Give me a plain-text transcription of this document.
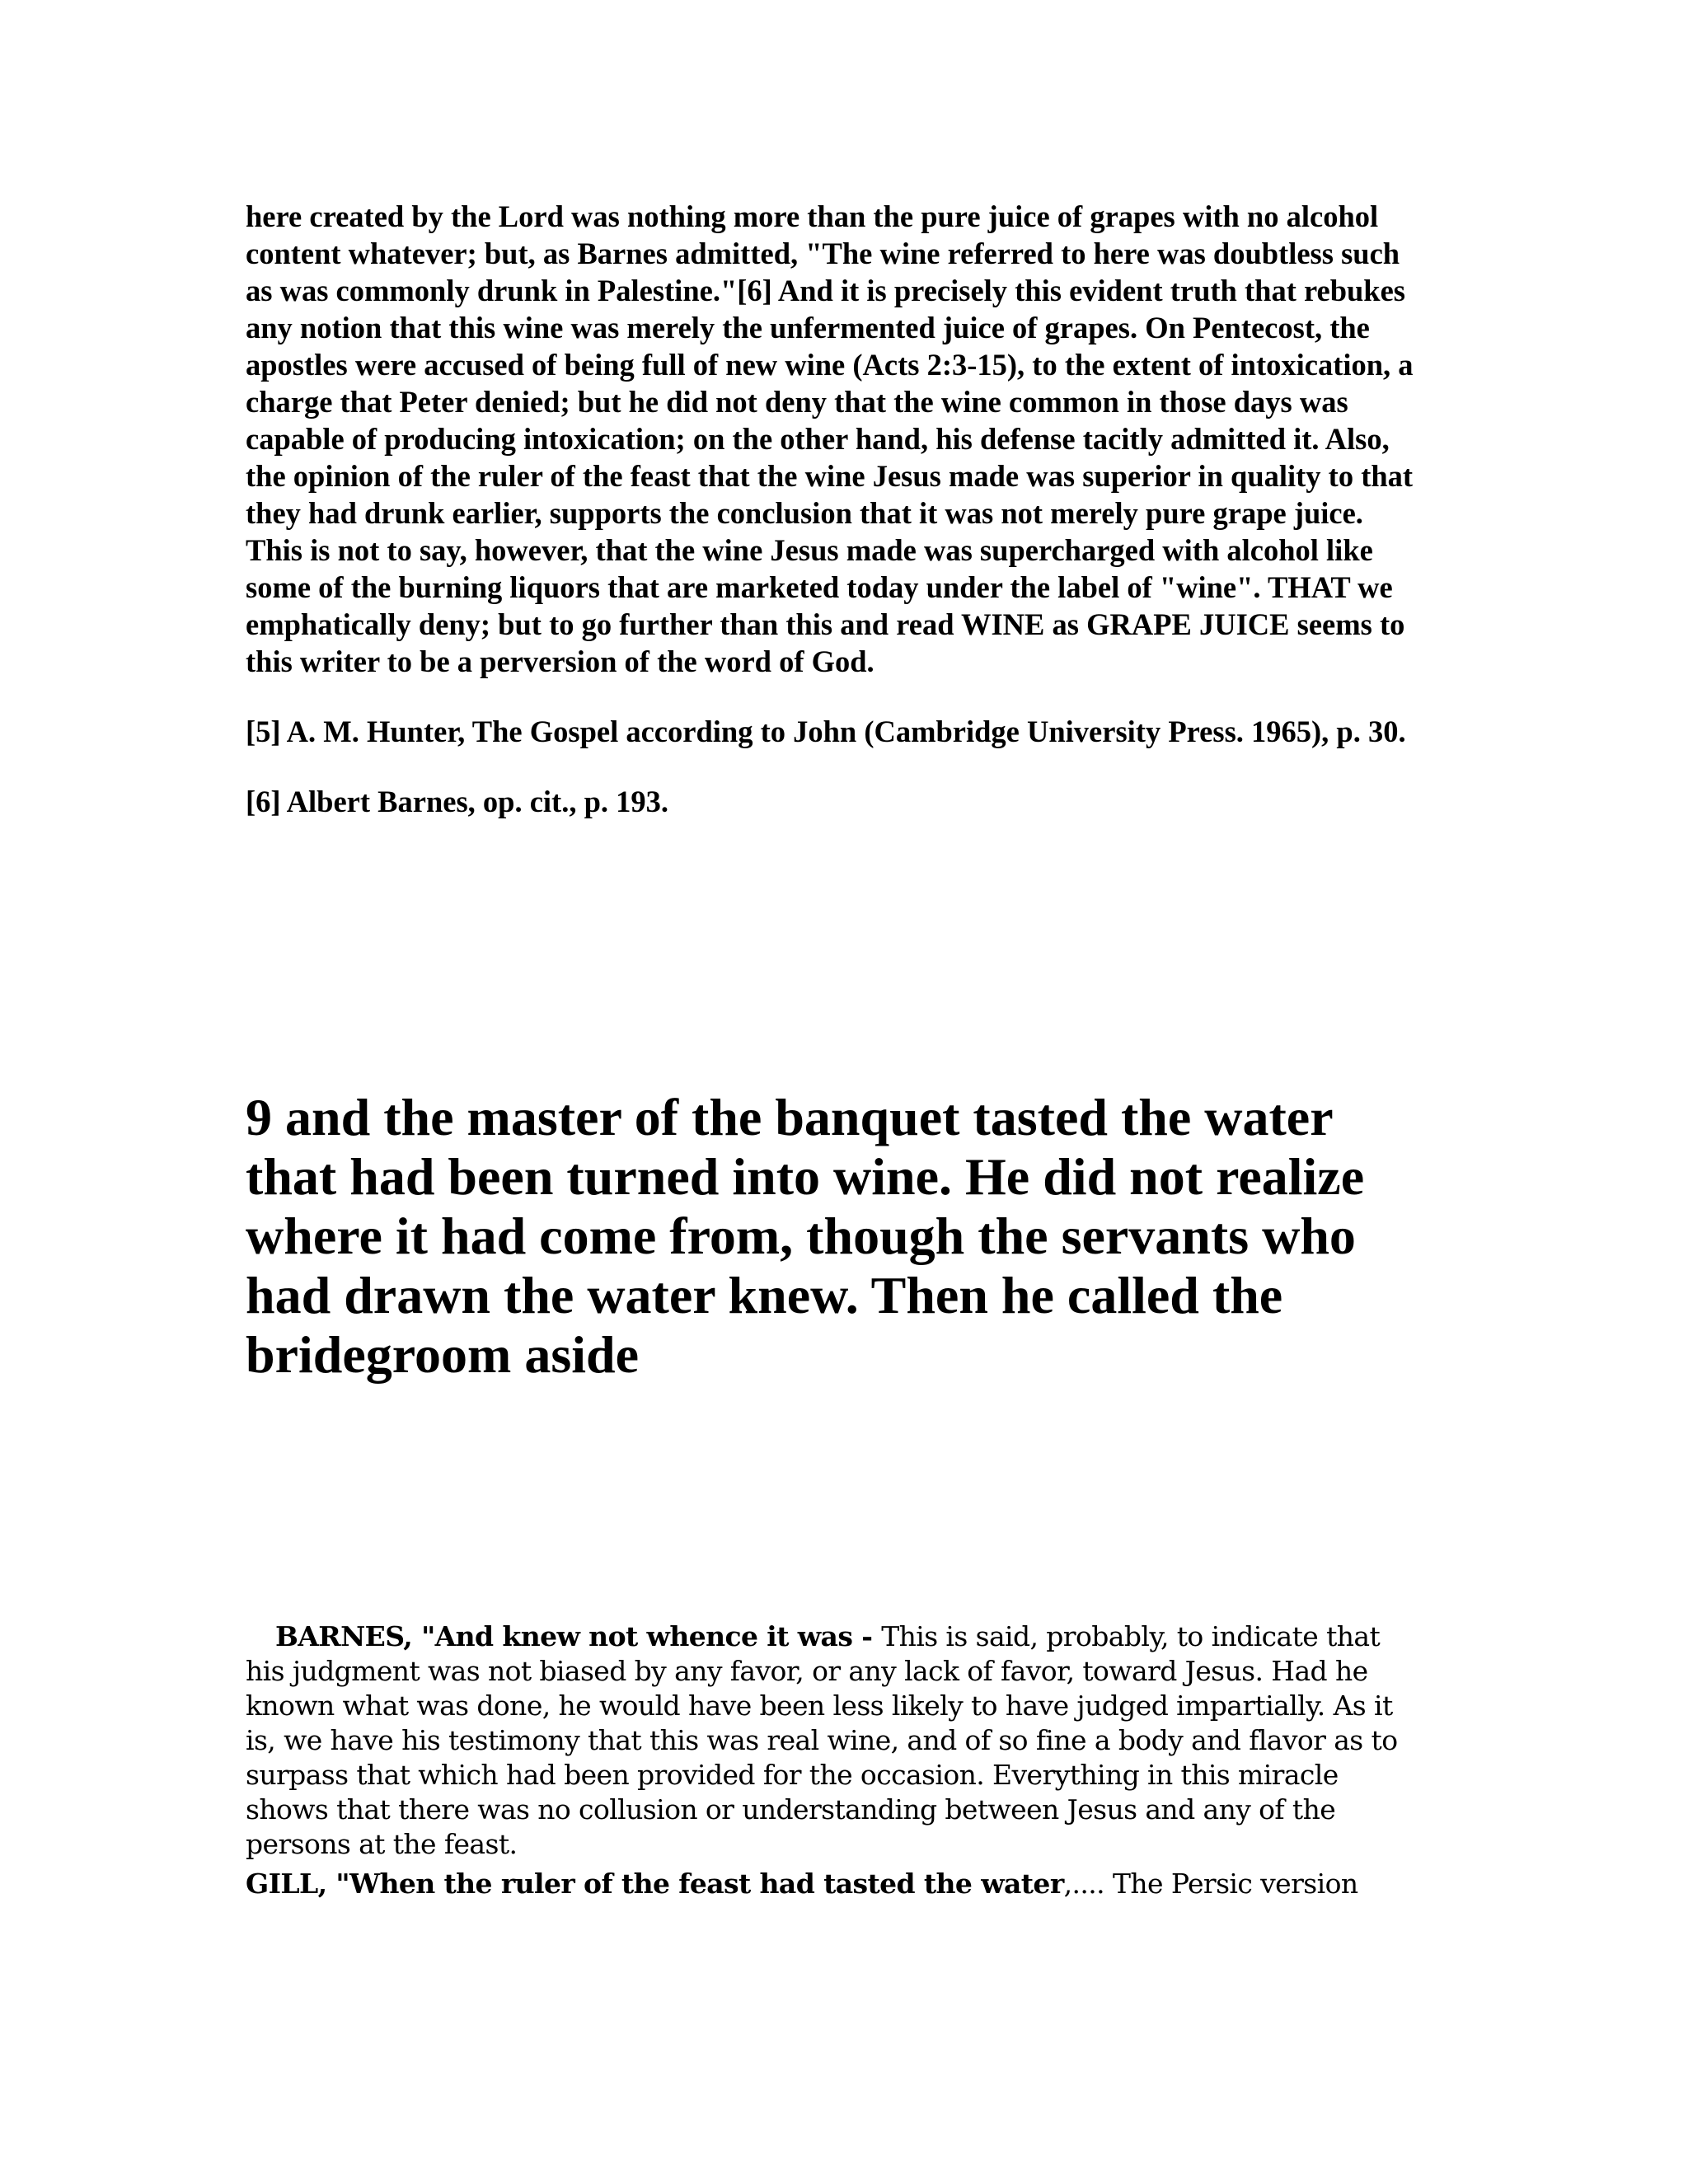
here created by the Lord was nothing more than the pure juice of grapes with no alcohol content whatever; but, as Barnes admitted, "The wine referred to here was doubtless such as was commonly drunk in Palestine."[6] And it is precisely this evident truth that rebukes any notion that this wine was merely the unfermented juice of grapes. On Pentecost, the apostles were accused of being full of new wine (Acts 2:3-15), to the extent of intoxication, a charge that Peter denied; but he did not deny that the wine common in those days was capable of producing intoxication; on the other hand, his defense tacitly admitted it. Also, the opinion of the ruler of the feast that the wine Jesus made was superior in quality to that they had drunk earlier, supports the conclusion that it was not merely pure grape juice. This is not to say, however, that the wine Jesus made was supercharged with alcohol like some of the burning liquors that are marketed today under the label of "wine". THAT we emphatically deny; but to go further than this and read WINE as GRAPE JUICE seems to this writer to be a perversion of the word of God.

[5] A. M. Hunter, The Gospel according to John (Cambridge University Press. 1965), p. 30.

[6] Albert Barnes, op. cit., p. 193.

9 and the master of the banquet tasted the water that had been turned into wine. He did not realize where it had come from, though the servants who had drawn the water knew. Then he called the bridegroom aside

BARNES, "And knew not whence it was - This is said, probably, to indicate that his judgment was not biased by any favor, or any lack of favor, toward Jesus. Had he known what was done, he would have been less likely to have judged impartially. As it is, we have his testimony that this was real wine, and of so fine a body and flavor as to surpass that which had been provided for the occasion. Everything in this miracle shows that there was no collusion or understanding between Jesus and any of the persons at the feast.

GILL, "When the ruler of the feast had tasted the water,.... The Persic version
